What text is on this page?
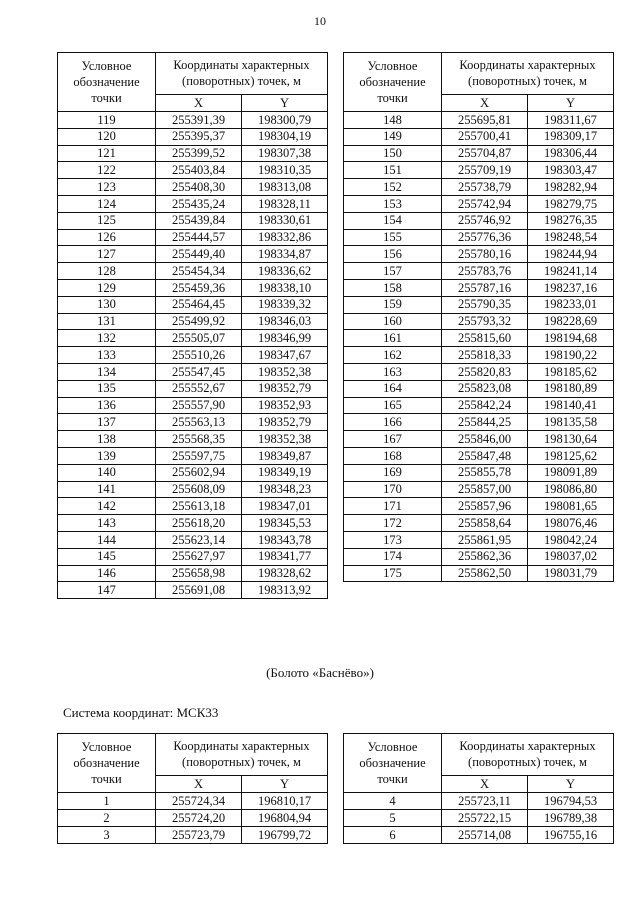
10
Условное обозначение точки	Координаты характерных (поворотных) точек, м	
	X	Y
119	255391,39	198300,79
120	255395,37	198304,19
121	255399,52	198307,38
122	255403,84	198310,35
123	255408,30	198313,08
124	255435,24	198328,11
125	255439,84	198330,61
126	255444,57	198332,86
127	255449,40	198334,87
128	255454,34	198336,62
129	255459,36	198338,10
130	255464,45	198339,32
131	255499,92	198346,03
132	255505,07	198346,99
133	255510,26	198347,67
134	255547,45	198352,38
135	255552,67	198352,79
136	255557,90	198352,93
137	255563,13	198352,79
138	255568,35	198352,38
139	255597,75	198349,87
140	255602,94	198349,19
141	255608,09	198348,23
142	255613,18	198347,01
143	255618,20	198345,53
144	255623,14	198343,78
145	255627,97	198341,77
146	255658,98	198328,62
147	255691,08	198313,92
Условное обозначение точки	Координаты характерных (поворотных) точек, м	
	X	Y
148	255695,81	198311,67
149	255700,41	198309,17
150	255704,87	198306,44
151	255709,19	198303,47
152	255738,79	198282,94
153	255742,94	198279,75
154	255746,92	198276,35
155	255776,36	198248,54
156	255780,16	198244,94
157	255783,76	198241,14
158	255787,16	198237,16
159	255790,35	198233,01
160	255793,32	198228,69
161	255815,60	198194,68
162	255818,33	198190,22
163	255820,83	198185,62
164	255823,08	198180,89
165	255842,24	198140,41
166	255844,25	198135,58
167	255846,00	198130,64
168	255847,48	198125,62
169	255855,78	198091,89
170	255857,00	198086,80
171	255857,96	198081,65
172	255858,64	198076,46
173	255861,95	198042,24
174	255862,36	198037,02
175	255862,50	198031,79
(Болото «Баснёво»)
Система координат: МСК33
Условное обозначение точки	Координаты характерных (поворотных) точек, м	
	X	Y
1	255724,34	196810,17
2	255724,20	196804,94
3	255723,79	196799,72
Условное обозначение точки	Координаты характерных (поворотных) точек, м	
	X	Y
4	255723,11	196794,53
5	255722,15	196789,38
6	255714,08	196755,16
